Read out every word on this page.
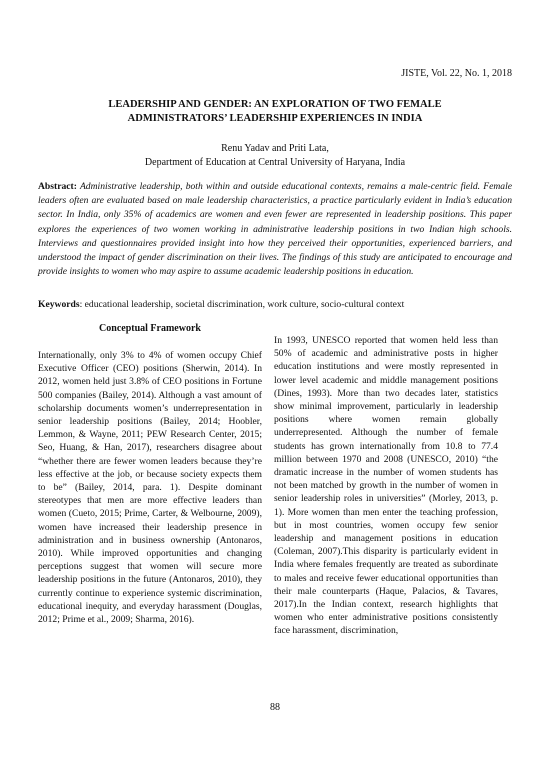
JISTE, Vol. 22, No. 1, 2018
LEADERSHIP AND GENDER: AN EXPLORATION OF TWO FEMALE
ADMINISTRATORS’ LEADERSHIP EXPERIENCES IN INDIA
Renu Yadav and Priti Lata,
Department of Education at Central University of Haryana, India
Abstract: Administrative leadership, both within and outside educational contexts, remains a male-centric field. Female leaders often are evaluated based on male leadership characteristics, a practice particularly evident in India’s education sector. In India, only 35% of academics are women and even fewer are represented in leadership positions. This paper explores the experiences of two women working in administrative leadership positions in two Indian high schools. Interviews and questionnaires provided insight into how they perceived their opportunities, experienced barriers, and understood the impact of gender discrimination on their lives. The findings of this study are anticipated to encourage and provide insights to women who may aspire to assume academic leadership positions in education.
Keywords: educational leadership, societal discrimination, work culture, socio-cultural context
Conceptual Framework

Internationally, only 3% to 4% of women occupy Chief Executive Officer (CEO) positions (Sherwin, 2014). In 2012, women held just 3.8% of CEO positions in Fortune 500 companies (Bailey, 2014). Although a vast amount of scholarship documents women’s underrepresentation in senior leadership positions (Bailey, 2014; Hoobler, Lemmon, & Wayne, 2011; PEW Research Center, 2015; Seo, Huang, & Han, 2017), researchers disagree about “whether there are fewer women leaders because they’re less effective at the job, or because society expects them to be” (Bailey, 2014, para. 1). Despite dominant stereotypes that men are more effective leaders than women (Cueto, 2015; Prime, Carter, & Welbourne, 2009), women have increased their leadership presence in administration and in business ownership (Antonaros, 2010). While improved opportunities and changing perceptions suggest that women will secure more leadership positions in the future (Antonaros, 2010), they currently continue to experience systemic discrimination, educational inequity, and everyday harassment (Douglas, 2012; Prime et al., 2009; Sharma, 2016).

In 1993, UNESCO reported that women held less than 50% of academic and administrative posts in higher education institutions and were mostly represented in lower level academic and middle management positions (Dines, 1993). More than two decades later, statistics show minimal improvement, particularly in leadership positions where women remain globally underrepresented. Although the number of female students has grown internationally from 10.8 to 77.4 million between 1970 and 2008 (UNESCO, 2010) “the dramatic increase in the number of women students has not been matched by growth in the number of women in senior leadership roles in universities” (Morley, 2013, p. 1). More women than men enter the teaching profession, but in most countries, women occupy few senior leadership and management positions in education (Coleman, 2007).This disparity is particularly evident in India where females frequently are treated as subordinate to males and receive fewer educational opportunities than their male counterparts (Haque, Palacios, & Tavares, 2017).In the Indian context, research highlights that women who enter administrative positions consistently face harassment, discrimination,

88
